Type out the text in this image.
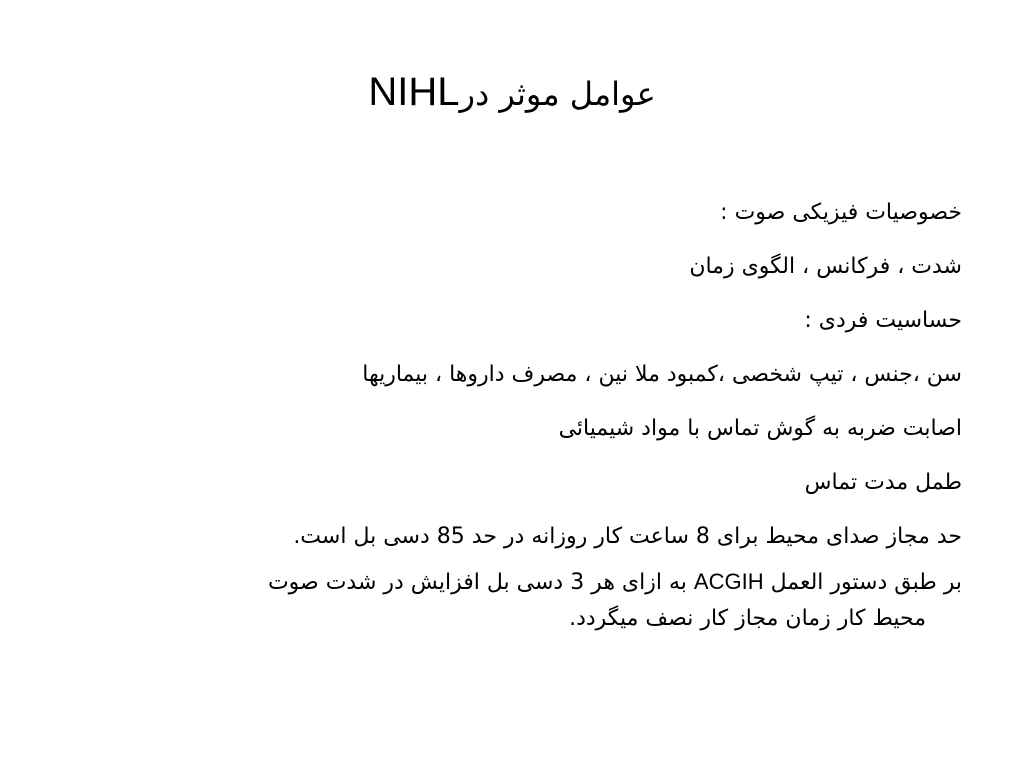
عوامل موثر درNIHL
خصوصیات فیزیکی صوت :
شدت ، فرکانس ، الگوی زمان
حساسیت فردی :
سن ،جنس ، تیپ شخصی ،کمبود ملا نین ، مصرف داروها ، بیماریها
اصابت ضربه به گوش تماس با مواد شیمیائی
طمل مدت تماس
حد مجاز صدای محیط برای 8 ساعت کار روزانه در حد 85 دسی بل است.
بر طبق دستور العمل ACGIH به ازای هر 3 دسی بل افزایش در شدت صوت
محیط کار زمان مجاز کار نصف میگردد.
